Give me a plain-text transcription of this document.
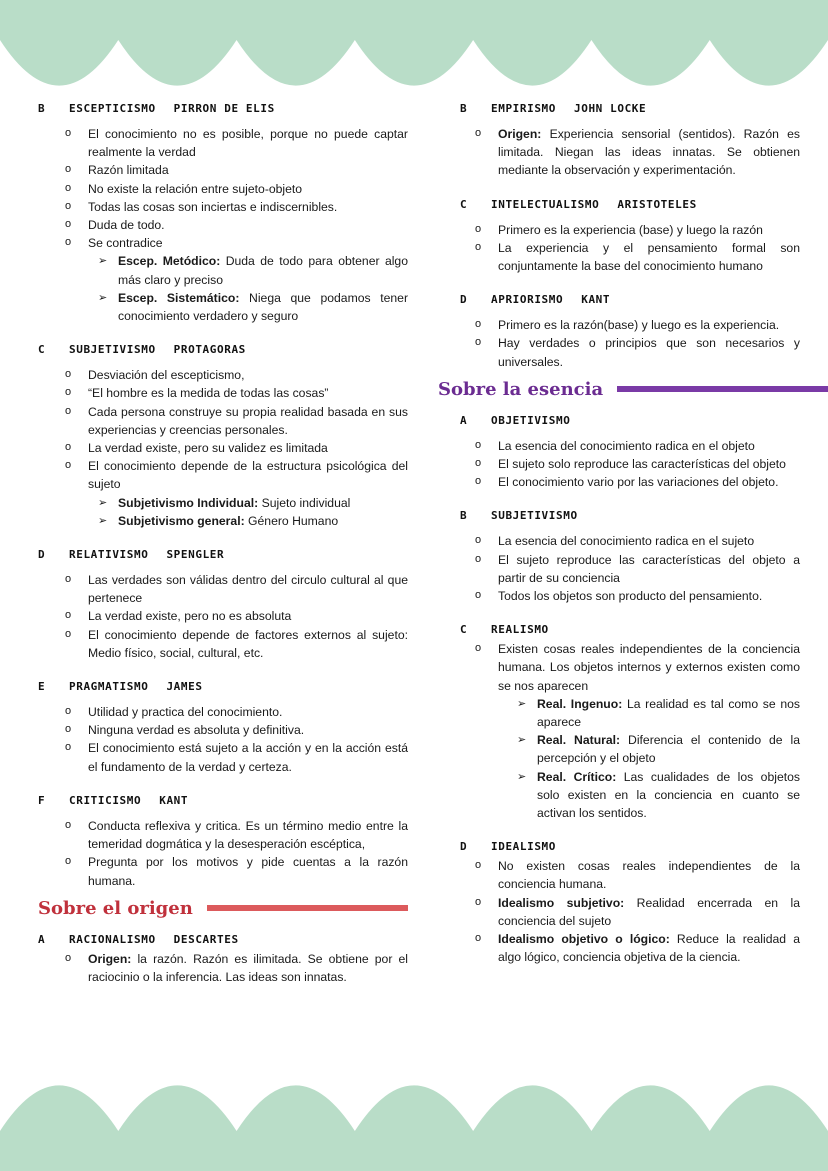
B	ESCEPTICISMO PIRRON DE ELIS
o El conocimiento no es posible, porque no puede captar realmente la verdad
o Razón limitada
o No existe la relación entre sujeto-objeto
o Todas las cosas son inciertas e indiscernibles.
o Duda de todo.
o Se contradice
➢ Escep. Metódico: Duda de todo para obtener algo más claro y preciso
➢ Escep. Sistemático: Niega que podamos tener conocimiento verdadero y seguro
C	SUBJETIVISMO PROTAGORAS
o Desviación del escepticismo,
o “El hombre es la medida de todas las cosas”
o Cada persona construye su propia realidad basada en sus experiencias y creencias personales.
o La verdad existe, pero su validez es limitada
o El conocimiento depende de la estructura psicológica del sujeto
➢ Subjetivismo Individual: Sujeto individual
➢ Subjetivismo general: Género Humano
D	RELATIVISMO SPENGLER
o Las verdades son válidas dentro del circulo cultural al que pertenece
o La verdad existe, pero no es absoluta
o El conocimiento depende de factores externos al sujeto: Medio físico, social, cultural, etc.
E	PRAGMATISMO JAMES
o Utilidad y practica del conocimiento.
o Ninguna verdad es absoluta y definitiva.
o El conocimiento está sujeto a la acción y en la acción está el fundamento de la verdad y certeza.
F	CRITICISMO KANT
o Conducta reflexiva y critica. Es un término medio entre la temeridad dogmática y la desesperación escéptica,
o Pregunta por los motivos y pide cuentas a la razón humana.
Sobre el origen
A	RACIONALISMO DESCARTES
o Origen: la razón. Razón es ilimitada. Se obtiene por el raciocinio o la inferencia. Las ideas son innatas.
B	EMPIRISMO JOHN LOCKE
o Origen: Experiencia sensorial (sentidos). Razón es limitada. Niegan las ideas innatas. Se obtienen mediante la observación y experimentación.
C	INTELECTUALISMO ARISTOTELES
o Primero es la experiencia (base) y luego la razón
o La experiencia y el pensamiento formal son conjuntamente la base del conocimiento humano
D	APRIORISMO KANT
o Primero es la razón(base) y luego es la experiencia.
o Hay verdades o principios que son necesarios y universales.
Sobre la esencia
A	OBJETIVISMO
o La esencia del conocimiento radica en el objeto
o El sujeto solo reproduce las características del objeto
o El conocimiento vario por las variaciones del objeto.
B	SUBJETIVISMO
o La esencia del conocimiento radica en el sujeto
o El sujeto reproduce las características del objeto a partir de su conciencia
o Todos los objetos son producto del pensamiento.
C	REALISMO
o Existen cosas reales independientes de la conciencia humana. Los objetos internos y externos existen como se nos aparecen
➢ Real. Ingenuo: La realidad es tal como se nos aparece
➢ Real. Natural: Diferencia el contenido de la percepción y el objeto
➢ Real. Crítico: Las cualidades de los objetos solo existen en la conciencia en cuanto se activan los sentidos.
D	IDEALISMO
o No existen cosas reales independientes de la conciencia humana.
o Idealismo subjetivo: Realidad encerrada en la conciencia del sujeto
o Idealismo objetivo o lógico: Reduce la realidad a algo lógico, conciencia objetiva de la ciencia.
